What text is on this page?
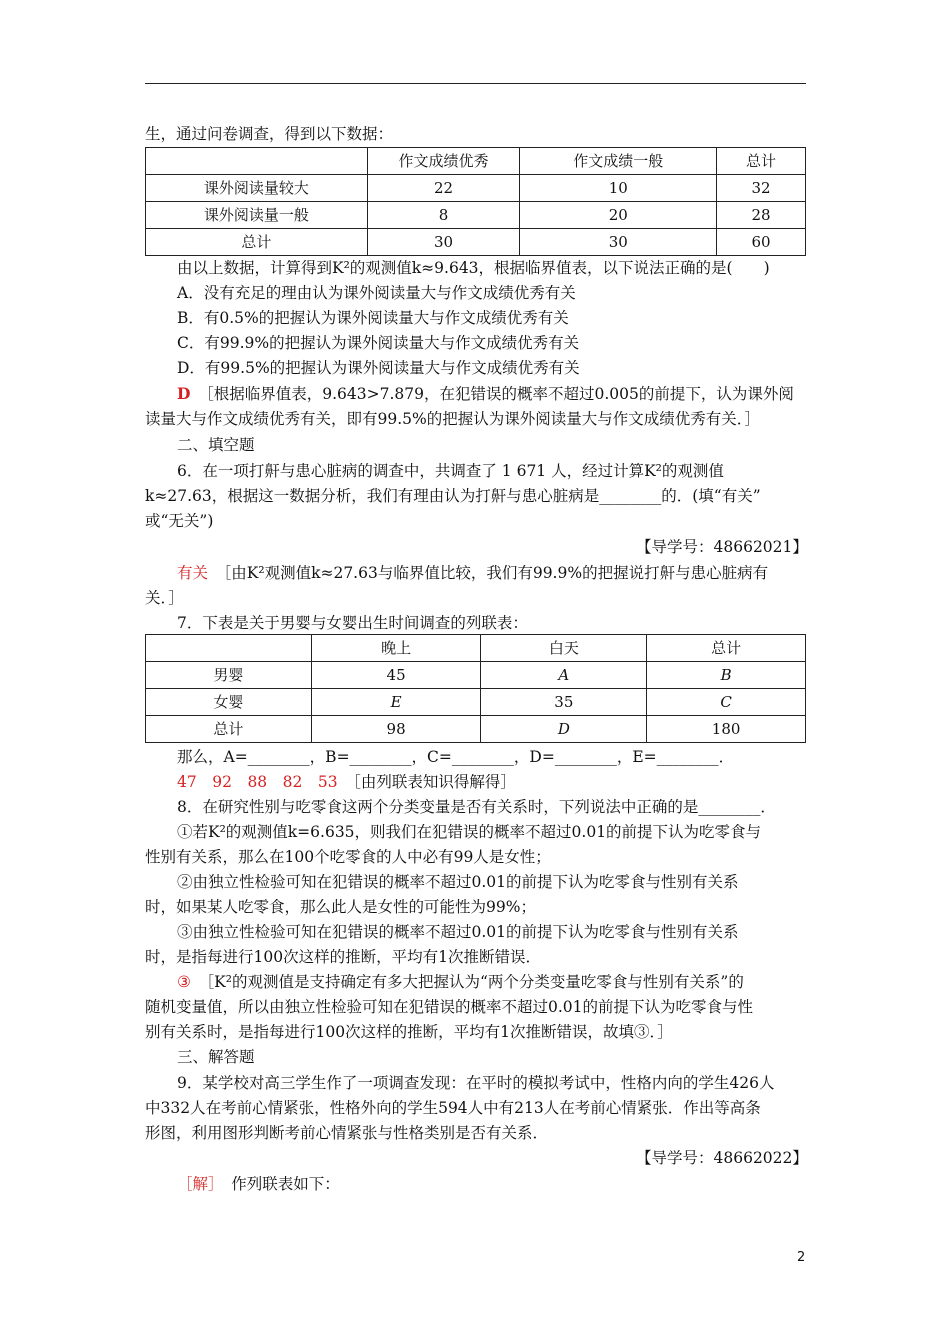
生，通过问卷调查，得到以下数据：
	作文成绩优秀	作文成绩一般	总计
课外阅读量较大	22	10	32
课外阅读量一般	8	20	28
总计	30	30	60
由以上数据，计算得到K²的观测值k≈9.643，根据临界值表，以下说法正确的是(　　)
A．没有充足的理由认为课外阅读量大与作文成绩优秀有关
B．有0.5%的把握认为课外阅读量大与作文成绩优秀有关
C．有99.9%的把握认为课外阅读量大与作文成绩优秀有关
D．有99.5%的把握认为课外阅读量大与作文成绩优秀有关
D　 ［根据临界值表，9.643>7.879，在犯错误的概率不超过0.005的前提下，认为课外阅
读量大与作文成绩优秀有关，即有99.5%的把握认为课外阅读量大与作文成绩优秀有关．］
二、填空题
6．在一项打鼾与患心脏病的调查中，共调查了 1 671 人，经过计算K²的观测值
k≈27.63，根据这一数据分析，我们有理由认为打鼾与患心脏病是________的．(填“有关”
或“无关”)
【导学号：48662021】
有关　 ［由K²观测值k≈27.63与临界值比较，我们有99.9%的把握说打鼾与患心脏病有
关．］
7．下表是关于男婴与女婴出生时间调查的列联表：
	晚上	白天	总计
男婴	45	A	B
女婴	E	35	C
总计	98	D	180
那么，A=________，B=________，C=________，D=________，E=________．
47　92　88　82　53　 ［由列联表知识得解得］
8．在研究性别与吃零食这两个分类变量是否有关系时，下列说法中正确的是________．
①若K²的观测值k=6.635，则我们在犯错误的概率不超过0.01的前提下认为吃零食与
性别有关系，那么在100个吃零食的人中必有99人是女性；
②由独立性检验可知在犯错误的概率不超过0.01的前提下认为吃零食与性别有关系
时，如果某人吃零食，那么此人是女性的可能性为99%；
③由独立性检验可知在犯错误的概率不超过0.01的前提下认为吃零食与性别有关系
时，是指每进行100次这样的推断，平均有1次推断错误．
③　 ［K²的观测值是支持确定有多大把握认为“两个分类变量吃零食与性别有关系”的
随机变量值，所以由独立性检验可知在犯错误的概率不超过0.01的前提下认为吃零食与性
别有关系时，是指每进行100次这样的推断，平均有1次推断错误，故填③．］
三、解答题
9．某学校对高三学生作了一项调查发现：在平时的模拟考试中，性格内向的学生426人
中332人在考前心情紧张，性格外向的学生594人中有213人在考前心情紧张．作出等高条
形图，利用图形判断考前心情紧张与性格类别是否有关系．
【导学号：48662022】
［解］　 作列联表如下：
2
